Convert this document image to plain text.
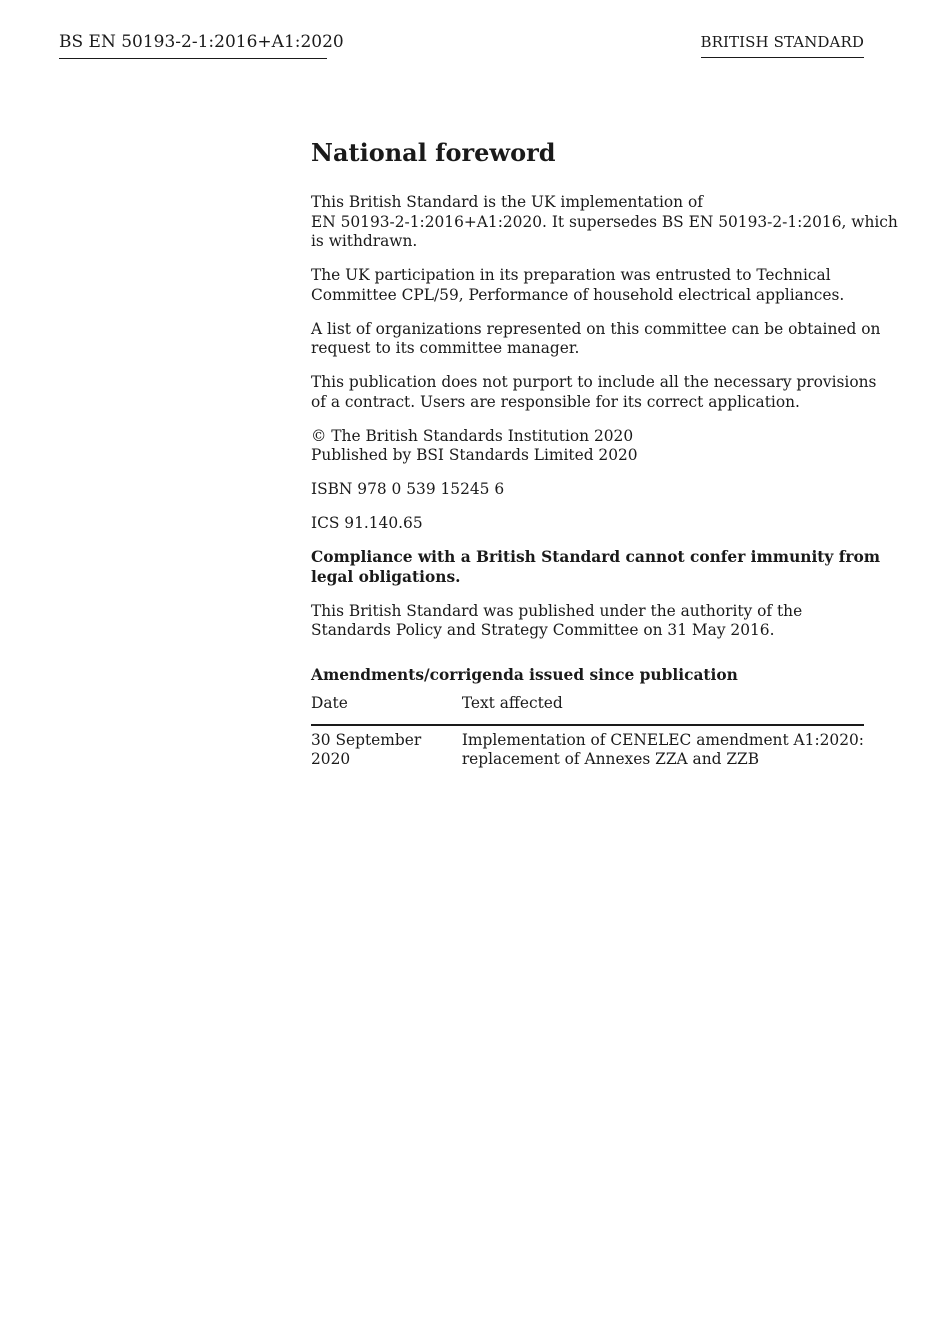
BS EN 50193-2-1:2016+A1:2020	BRITISH STANDARD
National foreword

This British Standard is the UK implementation of
EN 50193-2-1:2016+A1:2020. It supersedes BS EN 50193-2-1:2016, which
is withdrawn.

The UK participation in its preparation was entrusted to Technical
Committee CPL/59, Performance of household electrical appliances.

A list of organizations represented on this committee can be obtained on
request to its committee manager.

This publication does not purport to include all the necessary provisions
of a contract. Users are responsible for its correct application.

© The British Standards Institution 2020
Published by BSI Standards Limited 2020

ISBN 978 0 539 15245 6

ICS 91.140.65

Compliance with a British Standard cannot confer immunity from
legal obligations.

This British Standard was published under the authority of the
Standards Policy and Strategy Committee on 31 May 2016.

Amendments/corrigenda issued since publication
Date	Text affected
30 September 2020	Implementation of CENELEC amendment A1:2020:
replacement of Annexes ZZA and ZZB
